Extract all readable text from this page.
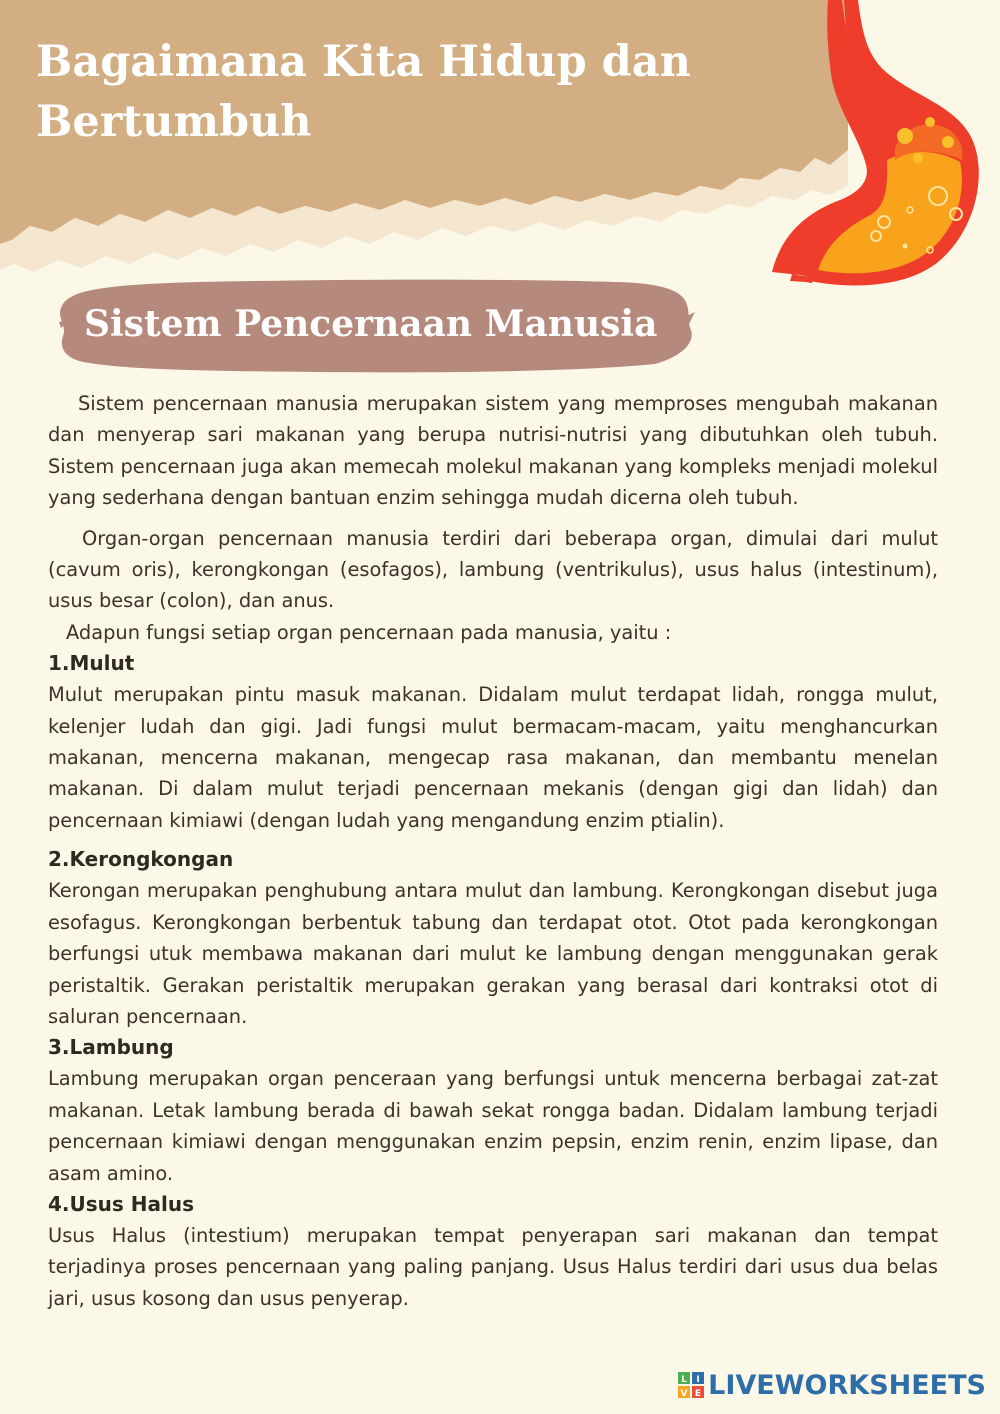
Bagaimana Kita Hidup dan
Bertumbuh
Sistem Pencernaan Manusia

Sistem pencernaan manusia merupakan sistem yang memproses mengubah makanan dan menyerap sari makanan yang berupa nutrisi-nutrisi yang dibutuhkan oleh tubuh. Sistem pencernaan juga akan memecah molekul makanan yang kompleks menjadi molekul yang sederhana dengan bantuan enzim sehingga mudah dicerna oleh tubuh.

Organ-organ pencernaan manusia terdiri dari beberapa organ, dimulai dari mulut (cavum oris), kerongkongan (esofagos), lambung (ventrikulus), usus halus (intestinum), usus besar (colon), dan anus.

Adapun fungsi setiap organ pencernaan pada manusia, yaitu :

1.Mulut

Mulut merupakan pintu masuk makanan. Didalam mulut terdapat lidah, rongga mulut, kelenjer ludah dan gigi. Jadi fungsi mulut bermacam-macam, yaitu menghancurkan makanan, mencerna makanan, mengecap rasa makanan, dan membantu menelan makanan. Di dalam mulut terjadi pencernaan mekanis (dengan gigi dan lidah) dan pencernaan kimiawi (dengan ludah yang mengandung enzim ptialin).

2.Kerongkongan

Kerongan merupakan penghubung antara mulut dan lambung. Kerongkongan disebut juga esofagus. Kerongkongan berbentuk tabung dan terdapat otot. Otot pada kerongkongan berfungsi utuk membawa makanan dari mulut ke lambung dengan menggunakan gerak peristaltik. Gerakan peristaltik merupakan gerakan yang berasal dari kontraksi otot di saluran pencernaan.

3.Lambung

Lambung merupakan organ penceraan yang berfungsi untuk mencerna berbagai zat-zat makanan. Letak lambung berada di bawah sekat rongga badan. Didalam lambung terjadi pencernaan kimiawi dengan menggunakan enzim pepsin, enzim renin, enzim lipase, dan asam amino.

4.Usus Halus

Usus Halus (intestium) merupakan tempat penyerapan sari makanan dan tempat terjadinya proses pencernaan yang paling panjang. Usus Halus terdiri dari usus dua belas jari, usus kosong dan usus penyerap.

L I
V E LIVEWORKSHEETS
